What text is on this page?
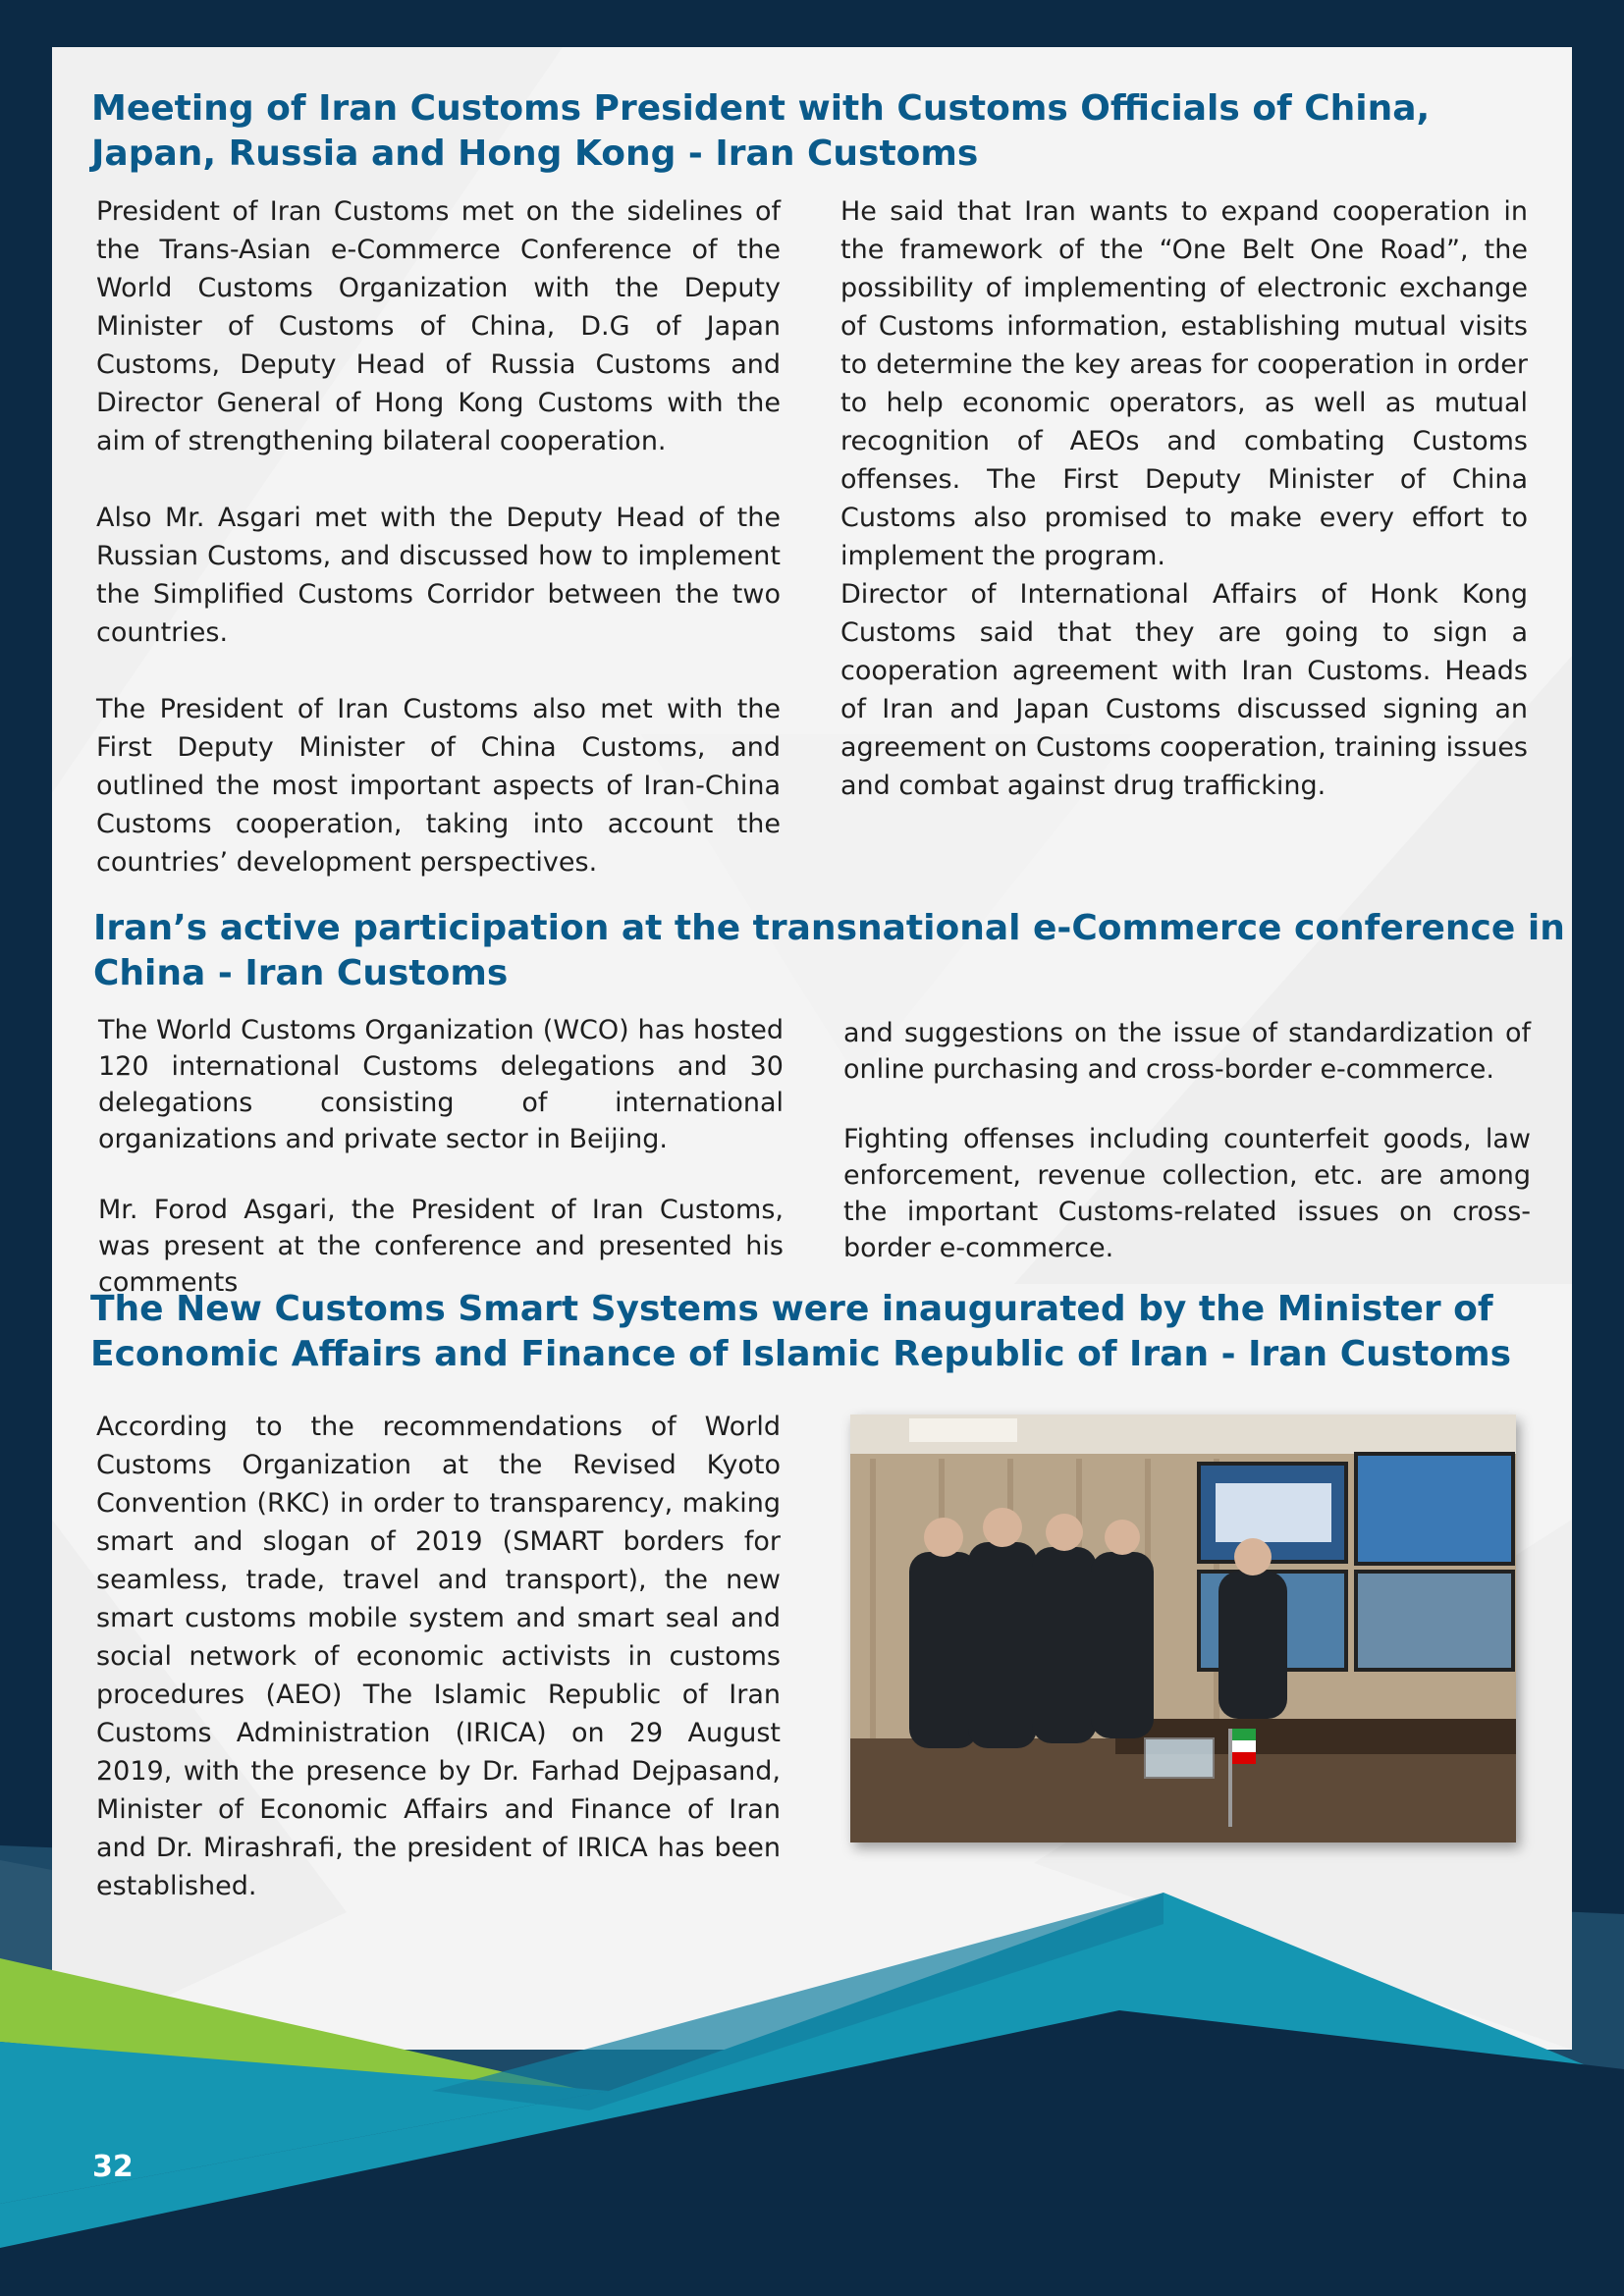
Meeting of Iran Customs President with Customs Officials of China, Japan, Russia and Hong Kong - Iran Customs
President of Iran Customs met on the sidelines of the Trans-Asian e-Commerce Conference of the World Customs Organization with the Deputy Minister of Customs of China, D.G of Japan Customs, Deputy Head of Russia Customs and Director General of Hong Kong Customs with the aim of strengthening bilateral cooperation.
Also Mr. Asgari met with the Deputy Head of the Russian Customs, and discussed how to implement the Simplified Customs Corridor between the two countries.
The President of Iran Customs also met with the First Deputy Minister of China Customs, and outlined the most important aspects of Iran-China Customs cooperation, taking into account the countries’ development perspectives.
He said that Iran wants to expand cooperation in the framework of the “One Belt One Road”, the possibility of implementing of electronic exchange of Customs information, establishing mutual visits to determine the key areas for cooperation in order to help economic operators, as well as mutual recognition of AEOs and combating Customs offenses. The First Deputy Minister of China Customs also promised to make every effort to implement the program.
Director of International Affairs of Honk Kong Customs said that they are going to sign a cooperation agreement with Iran Customs. Heads of Iran and Japan Customs discussed signing an agreement on Customs cooperation, training issues and combat against drug trafficking.
Iran’s active participation at the transnational e-Commerce conference in China - Iran Customs
The World Customs Organization (WCO) has hosted 120 international Customs delegations and 30 delegations consisting of international organizations and private sector in Beijing.
Mr. Forod Asgari, the President of Iran Customs, was present at the conference and presented his comments
and suggestions on the issue of standardization of online purchasing and cross-border e-commerce.
Fighting offenses including counterfeit goods, law enforcement, revenue collection, etc. are among the important Customs-related issues on cross-border e-commerce.
The New Customs Smart Systems were inaugurated by the Minister of Economic Affairs and Finance of Islamic Republic of Iran - Iran Customs
According to the recommendations of World Customs Organization at the Revised Kyoto Convention (RKC) in order to transparency, making smart and slogan of 2019 (SMART borders for seamless, trade, travel and transport), the new smart customs mobile system and smart seal and social network of economic activists in customs procedures (AEO) The Islamic Republic of Iran Customs Administration (IRICA) on 29 August 2019, with the presence by Dr. Farhad Dejpasand, Minister of Economic Affairs and Finance of Iran and Dr. Mirashrafi, the president of IRICA has been established.
32
